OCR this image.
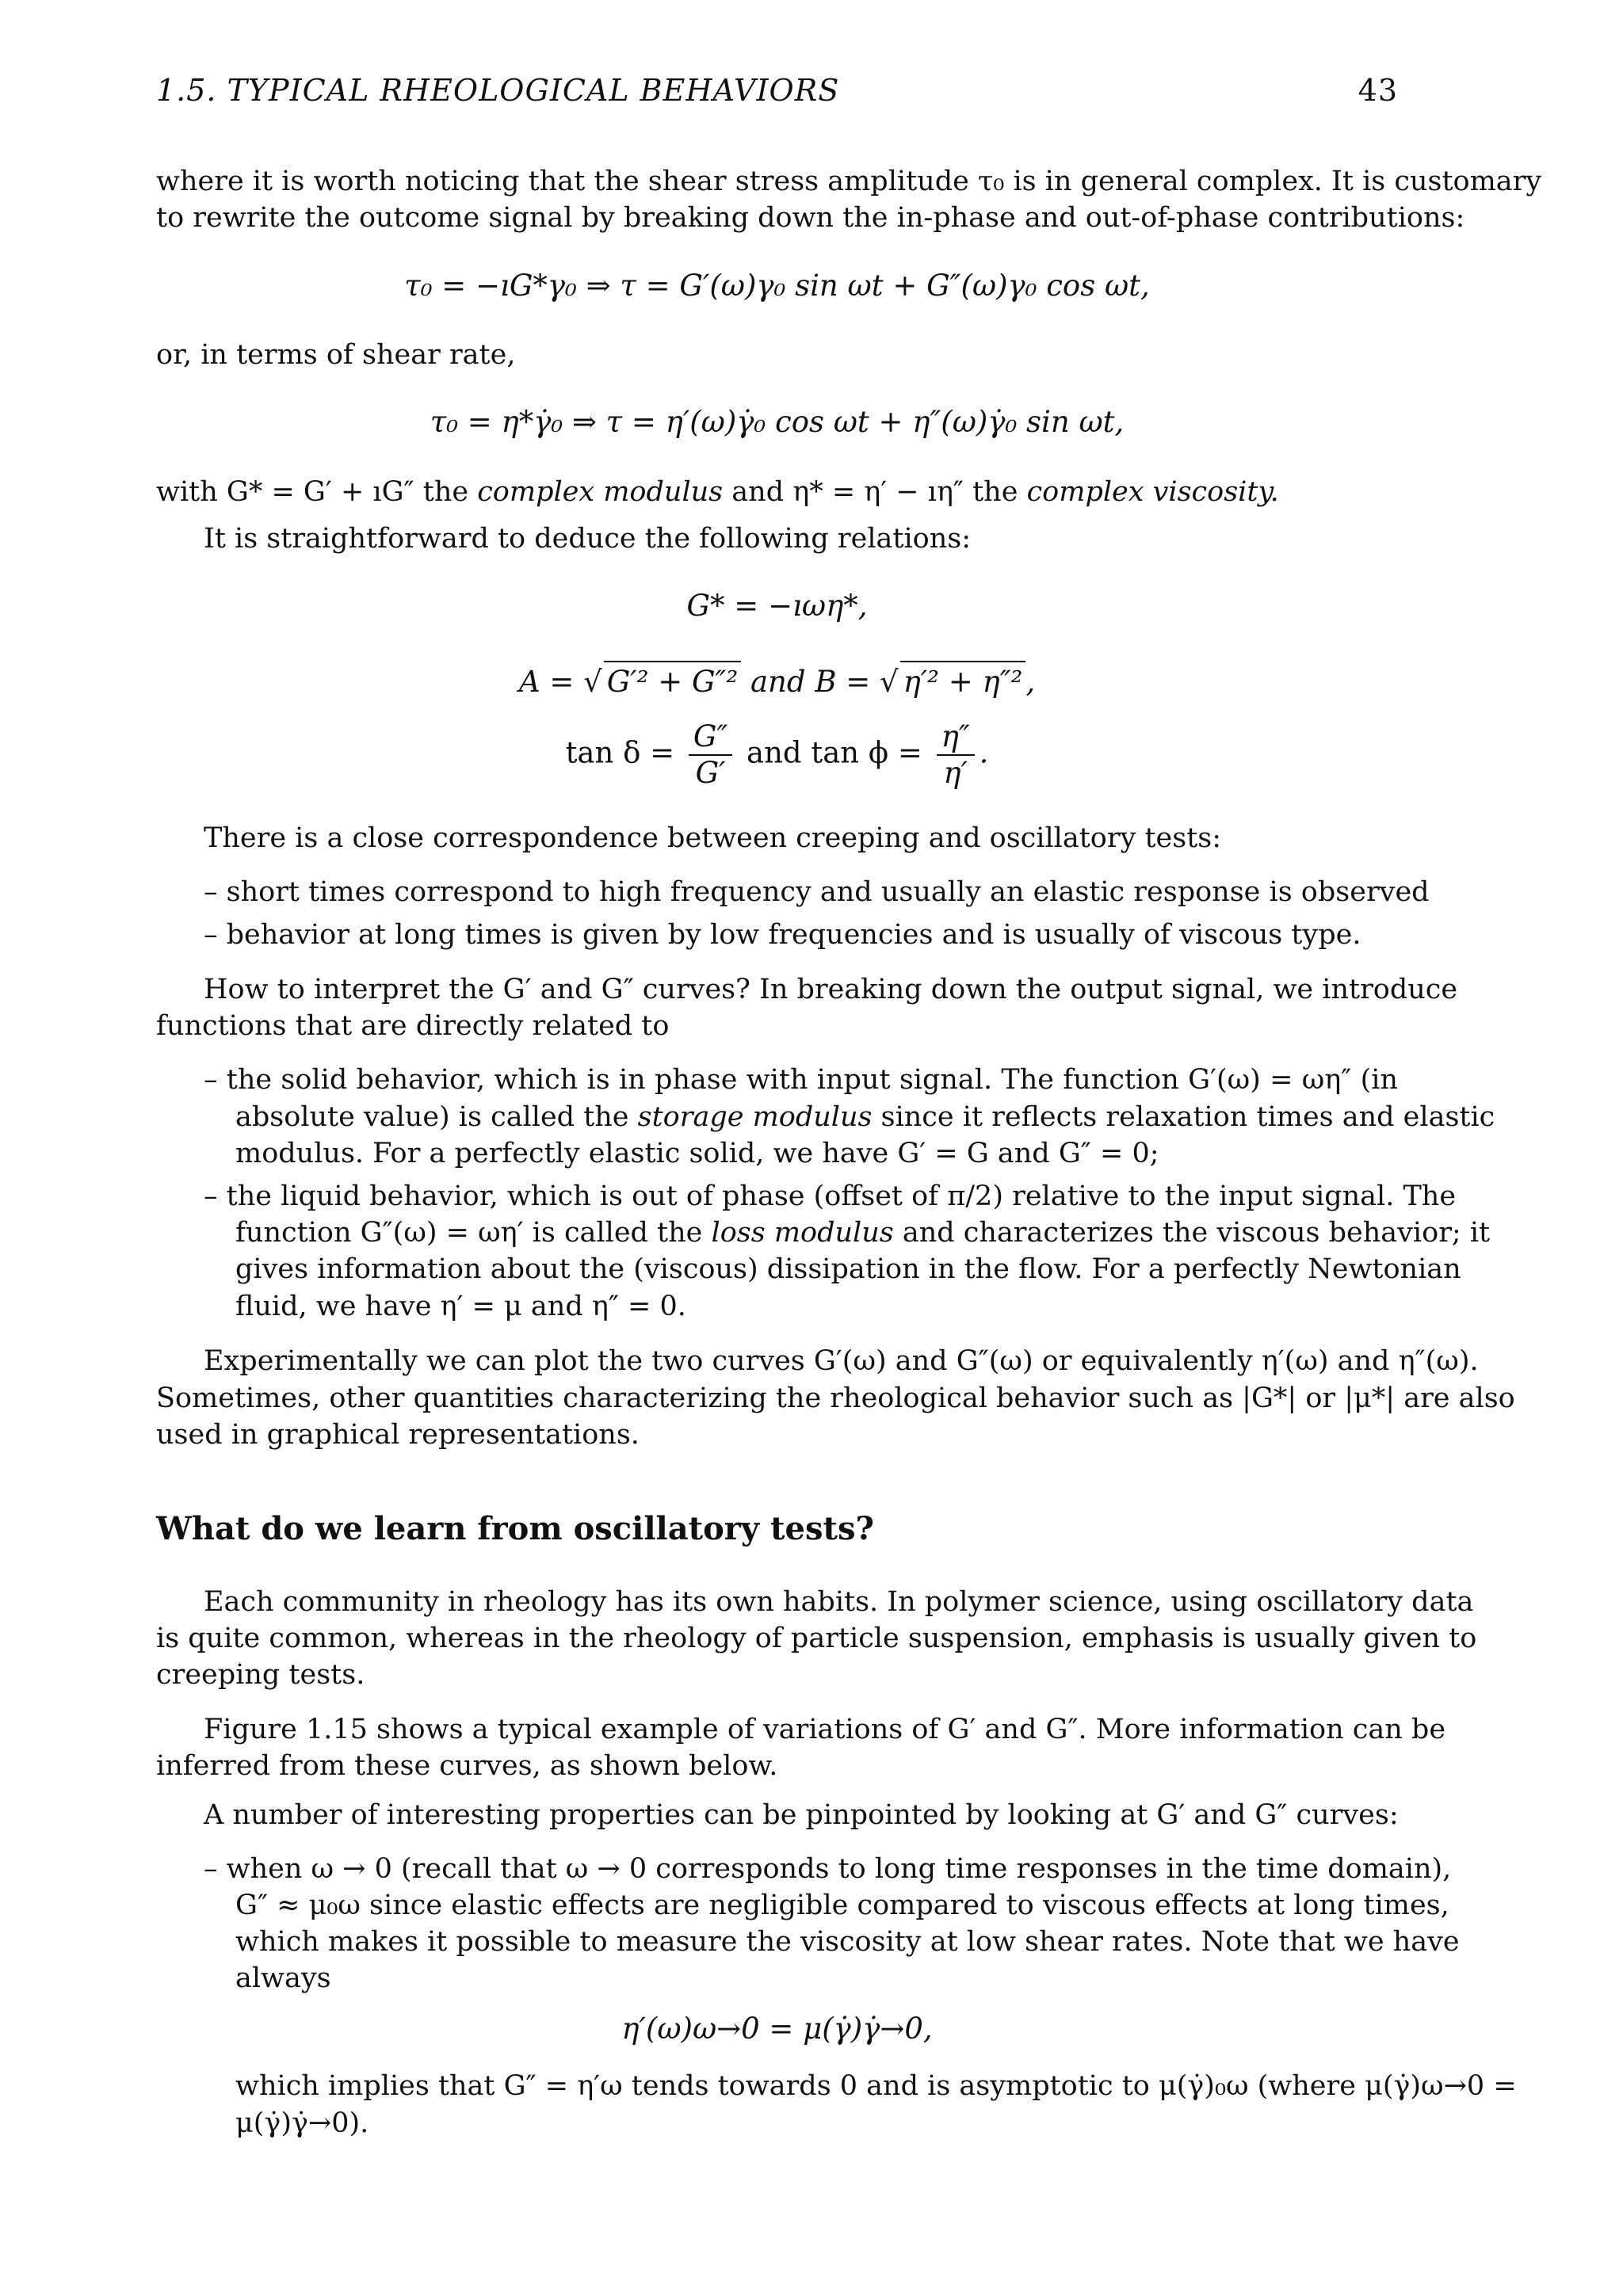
1.5. TYPICAL RHEOLOGICAL BEHAVIORS	43
where it is worth noticing that the shear stress amplitude τ₀ is in general complex. It is customary
to rewrite the outcome signal by breaking down the in-phase and out-of-phase contributions:
τ₀ = −ıG*γ₀ ⇒ τ = G′(ω)γ₀ sin ωt + G″(ω)γ₀ cos ωt,
or, in terms of shear rate,
τ₀ = η*γ̇₀ ⇒ τ = η′(ω)γ̇₀ cos ωt + η″(ω)γ̇₀ sin ωt,
with G* = G′ + ıG″ the complex modulus and η* = η′ − ıη″ the complex viscosity.
It is straightforward to deduce the following relations:
G* = −ıωη*,
A = √ G′² + G″² and B = √ η′² + η″² ,
$\tan \delta = \frac{G''}{G'}$ and $\tan \phi = \frac{\eta''}{\eta'}$ .
There is a close correspondence between creeping and oscillatory tests:
– short times correspond to high frequency and usually an elastic response is observed
– behavior at long times is given by low frequencies and is usually of viscous type.
How to interpret the G′ and G″ curves? In breaking down the output signal, we introduce
functions that are directly related to
– the solid behavior, which is in phase with input signal. The function G′(ω) = ωη″ (in
absolute value) is called the storage modulus since it reflects relaxation times and elastic
modulus. For a perfectly elastic solid, we have G′ = G and G″ = 0;
– the liquid behavior, which is out of phase (offset of π/2) relative to the input signal. The
function G″(ω) = ωη′ is called the loss modulus and characterizes the viscous behavior; it
gives information about the (viscous) dissipation in the flow. For a perfectly Newtonian
fluid, we have η′ = μ and η″ = 0.
Experimentally we can plot the two curves G′(ω) and G″(ω) or equivalently η′(ω) and η″(ω).
Sometimes, other quantities characterizing the rheological behavior such as |G*| or |μ*| are also
used in graphical representations.
What do we learn from oscillatory tests?
Each community in rheology has its own habits. In polymer science, using oscillatory data
is quite common, whereas in the rheology of particle suspension, emphasis is usually given to
creeping tests.
Figure 1.15 shows a typical example of variations of G′ and G″. More information can be
inferred from these curves, as shown below.
A number of interesting properties can be pinpointed by looking at G′ and G″ curves:
– when ω → 0 (recall that ω → 0 corresponds to long time responses in the time domain),
G″ ≈ μ₀ω since elastic effects are negligible compared to viscous effects at long times,
which makes it possible to measure the viscosity at low shear rates. Note that we have
always
η′(ω)ω→0 = μ(γ̇)γ̇→0,
which implies that G″ = η′ω tends towards 0 and is asymptotic to μ(γ̇)₀ω (where μ(γ̇)ω→0 =
μ(γ̇)γ̇→0).
